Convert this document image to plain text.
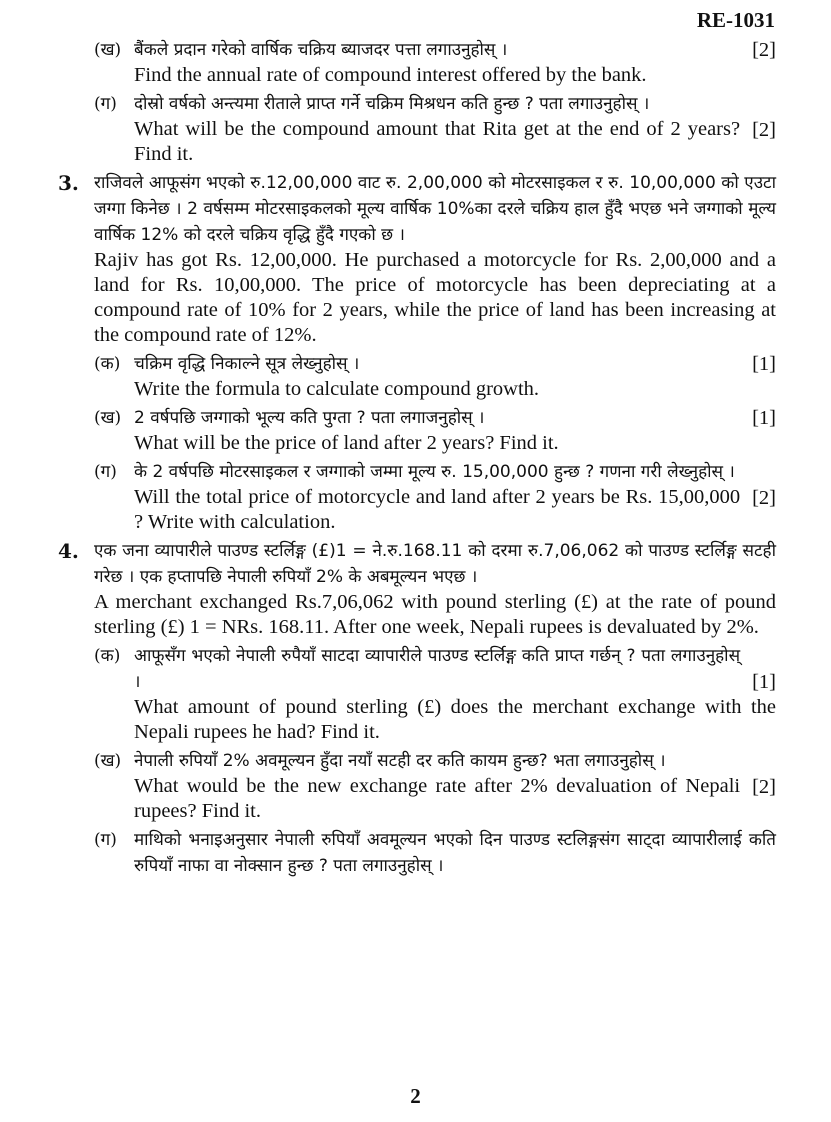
RE-1031
(ख)	[2]
बैंकले प्रदान गरेको वार्षिक चक्रिय ब्याजदर पत्ता लगाउनुहोस् ।
Find the annual rate of compound interest offered by the bank.
(ग)
[2]
दोस्रो वर्षको अन्त्यमा रीताले प्राप्त गर्ने चक्रिम मिश्रधन कति हुन्छ ? पता लगाउनुहोस् ।
What will be the compound amount that Rita get at the end of 2 years? Find it.
3. राजिवले आफूसंग भएको रु.12,00,000 वाट रु. 2,00,000 को मोटरसाइकल र रु. 10,00,000 को एउटा जग्गा किनेछ । 2 वर्षसम्म मोटरसाइकलको मूल्य वार्षिक 10%का दरले चक्रिय हाल हुँदै भएछ भने जग्गाको मूल्य वार्षिक 12% को दरले चक्रिय वृद्धि हुँदै गएको छ ।
Rajiv has got Rs. 12,00,000. He purchased a motorcycle for Rs. 2,00,000 and a land for Rs. 10,00,000. The price of motorcycle has been depreciating at a compound rate of 10% for 2 years, while the price of land has been increasing at the compound rate of 12%.
(क)	[1]
चक्रिम वृद्धि निकाल्ने सूत्र लेख्नुहोस् ।
Write the formula to calculate compound growth.
(ख)	[1]
2 वर्षपछि जग्गाको भूल्य कति पुग्ता ? पता लगाजनुहोस् ।
What will be the price of land after 2 years? Find it.
(ग)
[2]
के 2 वर्षपछि मोटरसाइकल र जग्गाको जम्मा मूल्य रु. 15,00,000 हुन्छ ? गणना गरी लेख्नुहोस् ।
Will the total price of motorcycle and land after 2 years be Rs. 15,00,000 ? Write with calculation.
4. एक जना व्यापारीले पाउण्ड स्टर्लिङ्ग (£)1 = ने.रु.168.11 को दरमा रु.7,06,062 को पाउण्ड स्टर्लिङ्ग सटही गरेछ । एक हप्तापछि नेपाली रुपियाँ 2% के अबमूल्यन भएछ ।
A merchant exchanged Rs.7,06,062 with pound sterling (£) at the rate of pound sterling (£) 1 = NRs. 168.11. After one week, Nepali rupees is devaluated by 2%.
(क)
[1]
आफूसँग भएको नेपाली रुपैयाँ साटदा व्यापारीले पाउण्ड स्टर्लिङ्ग कति प्राप्त गर्छन् ? पता लगाउनुहोस् ।
What amount of pound sterling (£) does the merchant exchange with the Nepali rupees he had? Find it.
(ख)
[2]
नेपाली रुपियाँ 2% अवमूल्यन हुँदा नयाँ सटही दर कति कायम हुन्छ? भता लगाउनुहोस् ।
What would be the new exchange rate after 2% devaluation of Nepali rupees? Find it.
(ग) माथिको भनाइअनुसार नेपाली रुपियाँ अवमूल्यन भएको दिन पाउण्ड स्टलिङ्गसंग साट्दा व्यापारीलाई कति रुपियाँ नाफा वा नोक्सान हुन्छ ? पता लगाउनुहोस् ।
2
